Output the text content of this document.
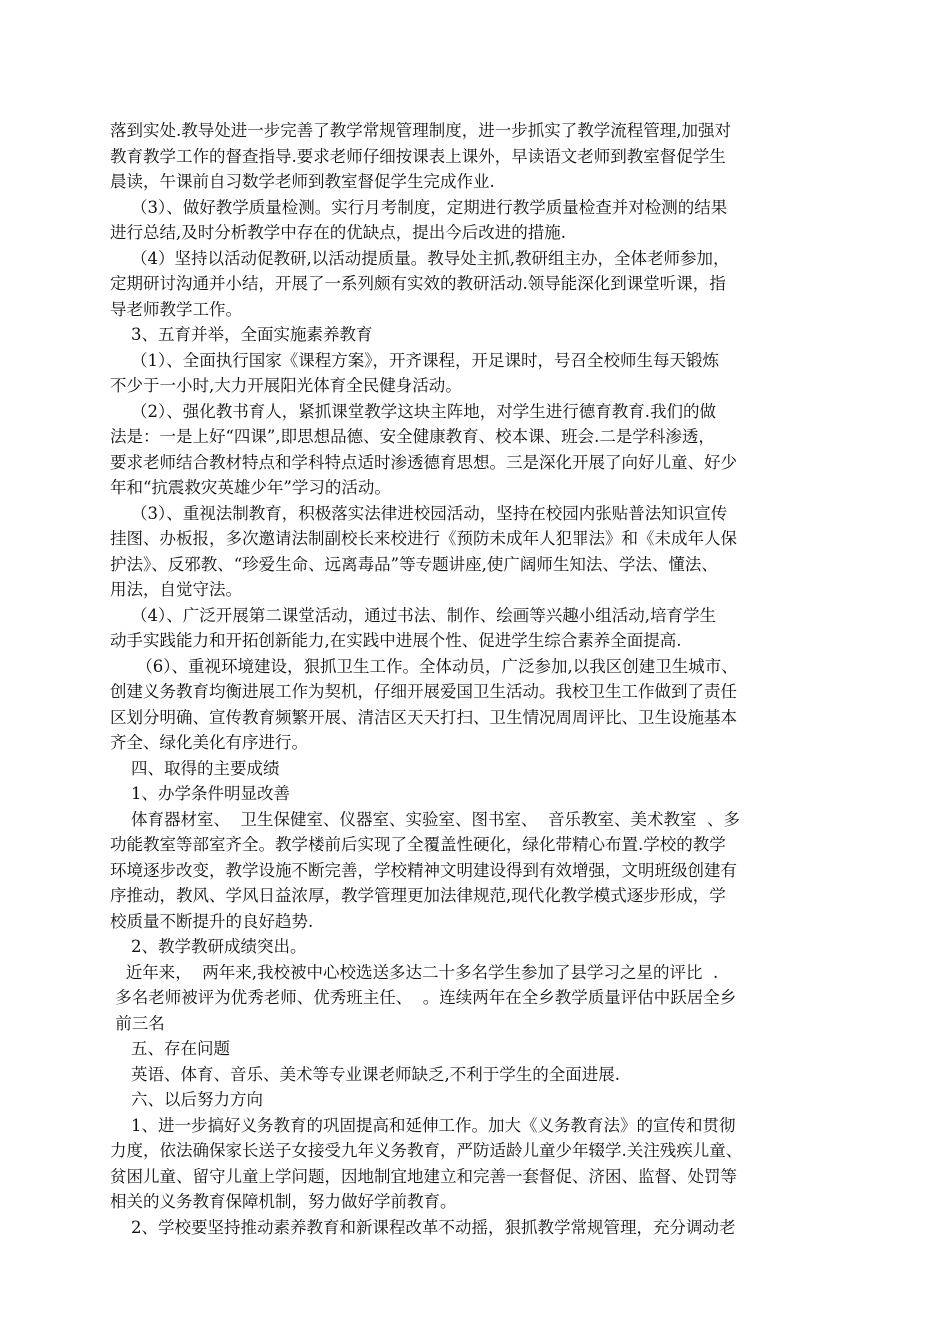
落到实处.教导处进一步完善了教学常规管理制度，进一步抓实了教学流程管理,加强对
教育教学工作的督查指导.要求老师仔细按课表上课外，早读语文老师到教室督促学生
晨读，午课前自习数学老师到教室督促学生完成作业.
（3）、做好教学质量检测。实行月考制度，定期进行教学质量检查并对检测的结果
进行总结,及时分析教学中存在的优缺点，提出今后改进的措施.
（4）坚持以活动促教研,以活动提质量。教导处主抓,教研组主办，全体老师参加，
定期研讨沟通并小结，开展了一系列颇有实效的教研活动.领导能深化到课堂听课，指
导老师教学工作。
3、五育并举，全面实施素养教育
（1）、全面执行国家《课程方案》，开齐课程，开足课时，号召全校师生每天锻炼
不少于一小时,大力开展阳光体育全民健身活动。
（2）、强化教书育人，紧抓课堂教学这块主阵地，对学生进行德育教育.我们的做
法是：一是上好“四课”,即思想品德、安全健康教育、校本课、班会.二是学科渗透，
要求老师结合教材特点和学科特点适时渗透德育思想。三是深化开展了向好儿童、好少
年和“抗震救灾英雄少年”学习的活动。
（3）、重视法制教育，积极落实法律进校园活动，坚持在校园内张贴普法知识宣传
挂图、办板报，多次邀请法制副校长来校进行《预防未成年人犯罪法》和《未成年人保
护法》、反邪教、“珍爱生命、远离毒品”等专题讲座,使广阔师生知法、学法、懂法、
用法，自觉守法。
（4）、广泛开展第二课堂活动，通过书法、制作、绘画等兴趣小组活动,培育学生
动手实践能力和开拓创新能力,在实践中进展个性、促进学生综合素养全面提高.
（6）、重视环境建设，狠抓卫生工作。全体动员，广泛参加,以我区创建卫生城市、
创建义务教育均衡进展工作为契机，仔细开展爱国卫生活动。我校卫生工作做到了责任
区划分明确、宣传教育频繁开展、清洁区天天打扫、卫生情况周周评比、卫生设施基本
齐全、绿化美化有序进行。
四、取得的主要成绩
1、办学条件明显改善
体育器材室、  卫生保健室、仪器室、实验室、图书室、  音乐教室、美术教室  、多
功能教室等部室齐全。教学楼前后实现了全覆盖性硬化，绿化带精心布置.学校的教学
环境逐步改变，教学设施不断完善，学校精神文明建设得到有效增强，文明班级创建有
序推动，教风、学风日益浓厚，教学管理更加法律规范,现代化教学模式逐步形成，学
校质量不断提升的良好趋势.
2、教学教研成绩突出。
近年来，  两年来,我校被中心校选送多达二十多名学生参加了县学习之星的评比  .
多名老师被评为优秀老师、优秀班主任、  。连续两年在全乡教学质量评估中跃居全乡
前三名
五、存在问题
英语、体育、音乐、美术等专业课老师缺乏,不利于学生的全面进展.
六、以后努力方向
1、进一步搞好义务教育的巩固提高和延伸工作。加大《义务教育法》的宣传和贯彻
力度，依法确保家长送子女接受九年义务教育，严防适龄儿童少年辍学.关注残疾儿童、
贫困儿童、留守儿童上学问题，因地制宜地建立和完善一套督促、济困、监督、处罚等
相关的义务教育保障机制，努力做好学前教育。
2、学校要坚持推动素养教育和新课程改革不动摇，狠抓教学常规管理，充分调动老
